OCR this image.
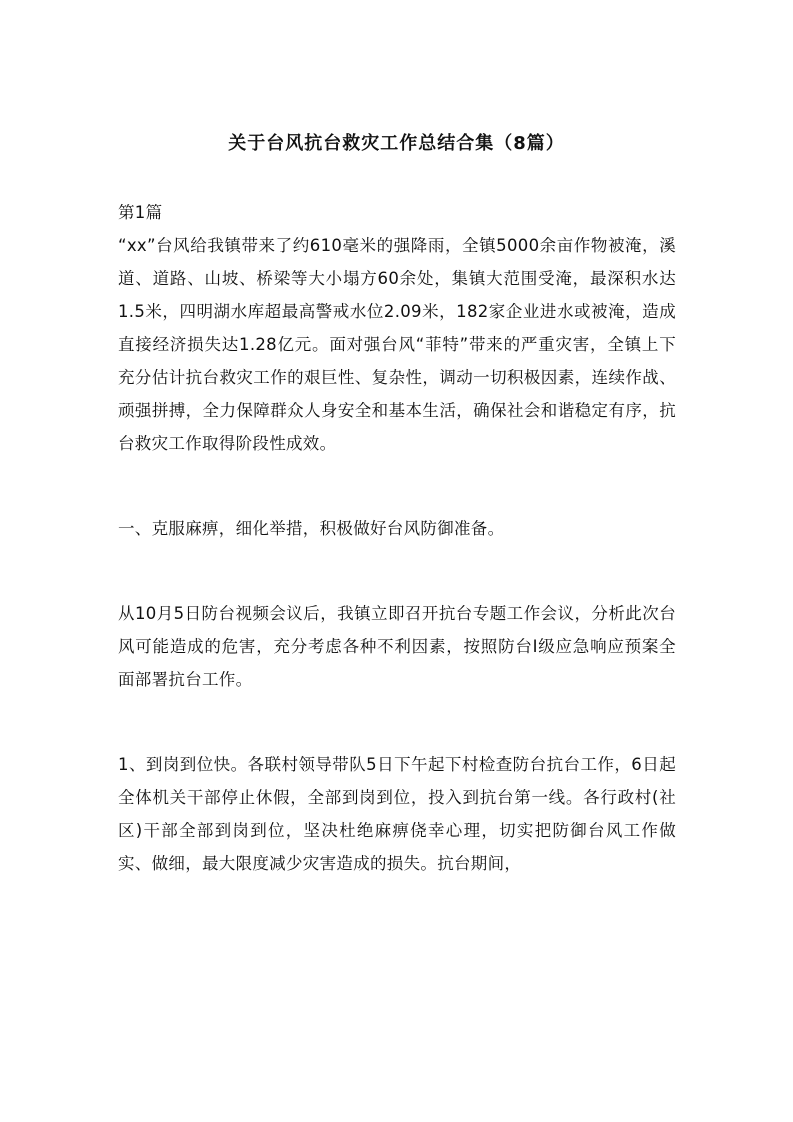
关于台风抗台救灾工作总结合集（8篇）

第1篇

“xx”台风给我镇带来了约610毫米的强降雨，全镇5000余亩作物被淹，溪道、道路、山坡、桥梁等大小塌方60余处，集镇大范围受淹，最深积水达1.5米，四明湖水库超最高警戒水位2.09米，182家企业进水或被淹，造成直接经济损失达1.28亿元。面对强台风“菲特”带来的严重灾害，全镇上下充分估计抗台救灾工作的艰巨性、复杂性，调动一切积极因素，连续作战、顽强拼搏，全力保障群众人身安全和基本生活，确保社会和谐稳定有序，抗台救灾工作取得阶段性成效。

一、克服麻痹，细化举措，积极做好台风防御准备。

从10月5日防台视频会议后，我镇立即召开抗台专题工作会议，分析此次台风可能造成的危害，充分考虑各种不利因素，按照防台Ⅰ级应急响应预案全面部署抗台工作。

1、到岗到位快。各联村领导带队5日下午起下村检查防台抗台工作，6日起全体机关干部停止休假，全部到岗到位，投入到抗台第一线。各行政村(社区)干部全部到岗到位，坚决杜绝麻痹侥幸心理，切实把防御台风工作做实、做细，最大限度减少灾害造成的损失。抗台期间，
